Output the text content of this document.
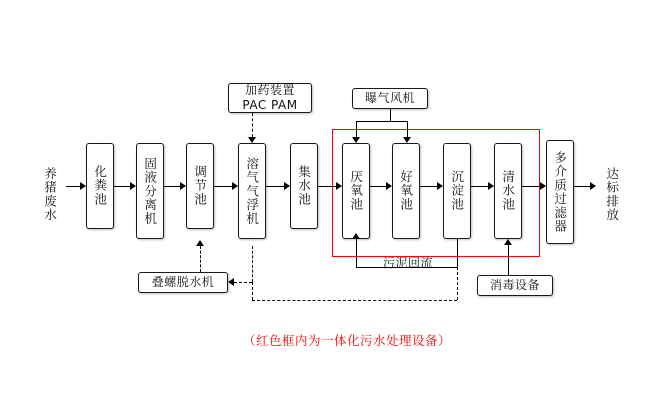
养猪废水	化粪池	固液分离机	调节池	溶气气浮机	集水池	厌氧池	好氧池	沉淀池	清水池	多介质过滤器	达标排放
加药装置
PAC PAM	曝气风机
叠螺脱水机	消毒设备
污泥回流
（红色框内为一体化污水处理设备）
